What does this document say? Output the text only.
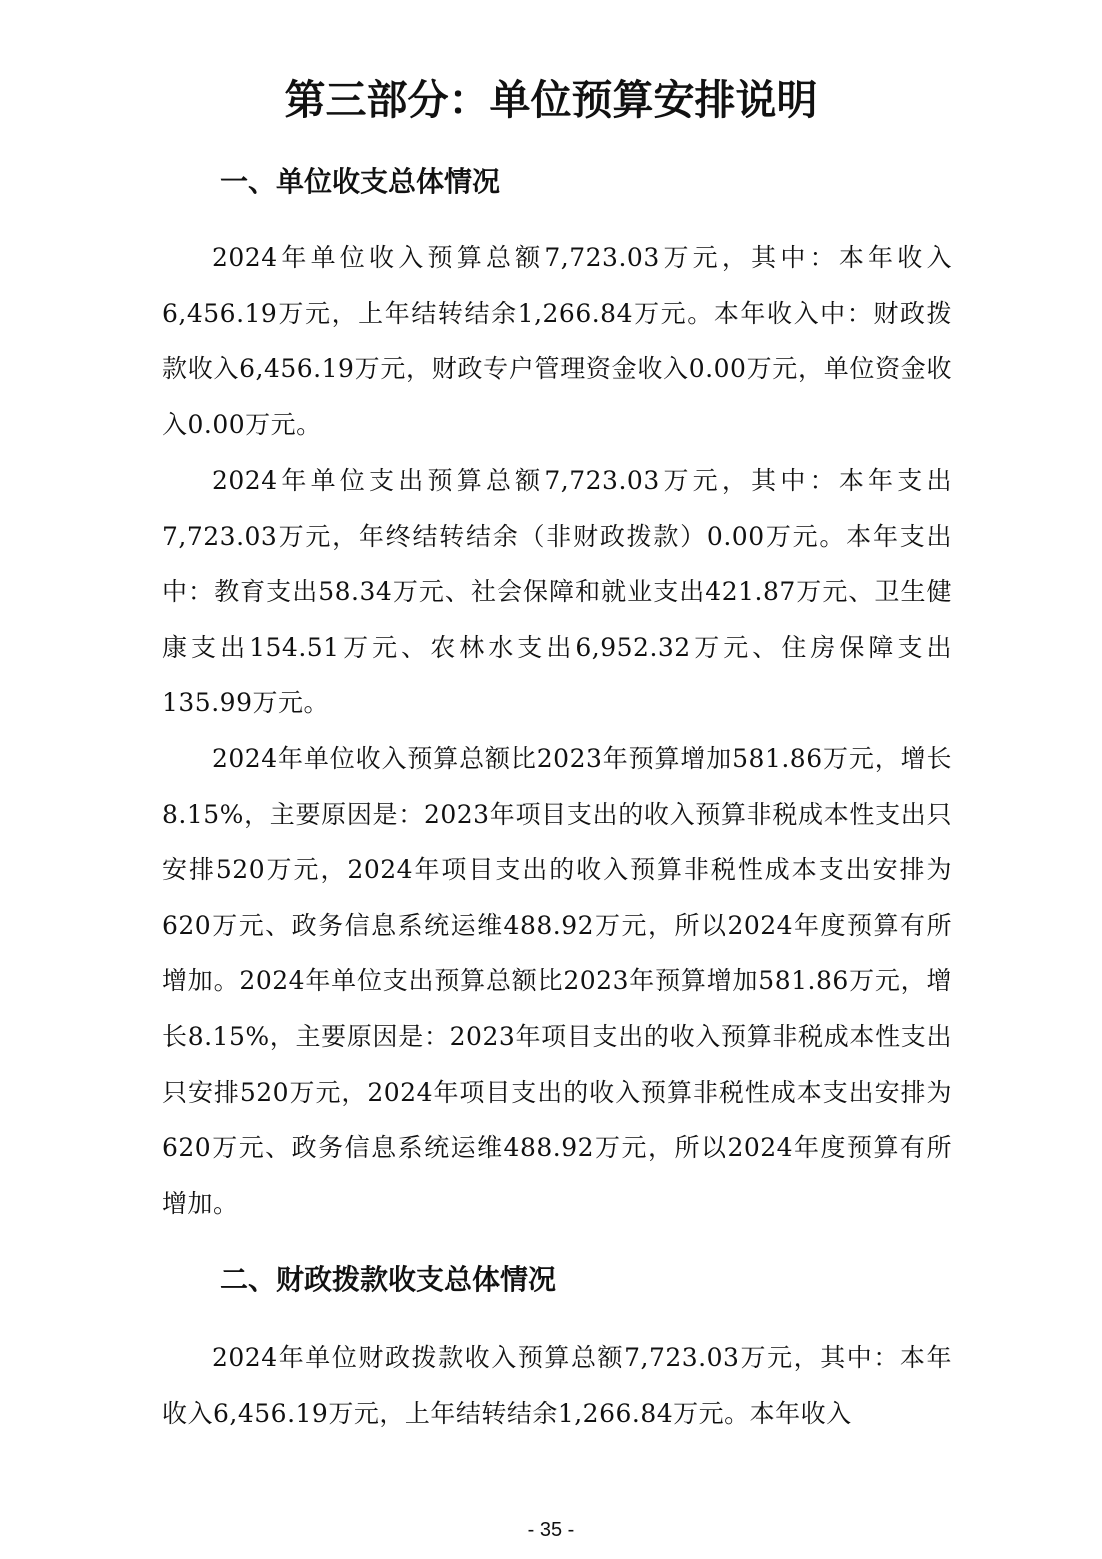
第三部分：单位预算安排说明
一、单位收支总体情况

2024年单位收入预算总额7,723.03万元，其中：本年收入6,456.19万元，上年结转结余1,266.84万元。本年收入中：财政拨款收入6,456.19万元，财政专户管理资金收入0.00万元，单位资金收入0.00万元。

2024年单位支出预算总额7,723.03万元，其中：本年支出7,723.03万元，年终结转结余（非财政拨款）0.00万元。本年支出中：教育支出58.34万元、社会保障和就业支出421.87万元、卫生健康支出154.51万元、农林水支出6,952.32万元、住房保障支出135.99万元。

2024年单位收入预算总额比2023年预算增加581.86万元，增长8.15%，主要原因是：2023年项目支出的收入预算非税成本性支出只安排520万元，2024年项目支出的收入预算非税性成本支出安排为620万元、政务信息系统运维488.92万元，所以2024年度预算有所增加。2024年单位支出预算总额比2023年预算增加581.86万元，增长8.15%，主要原因是：2023年项目支出的收入预算非税成本性支出只安排520万元，2024年项目支出的收入预算非税性成本支出安排为620万元、政务信息系统运维488.92万元，所以2024年度预算有所增加。

二、财政拨款收支总体情况

2024年单位财政拨款收入预算总额7,723.03万元，其中：本年收入6,456.19万元，上年结转结余1,266.84万元。本年收入

- 35 -
